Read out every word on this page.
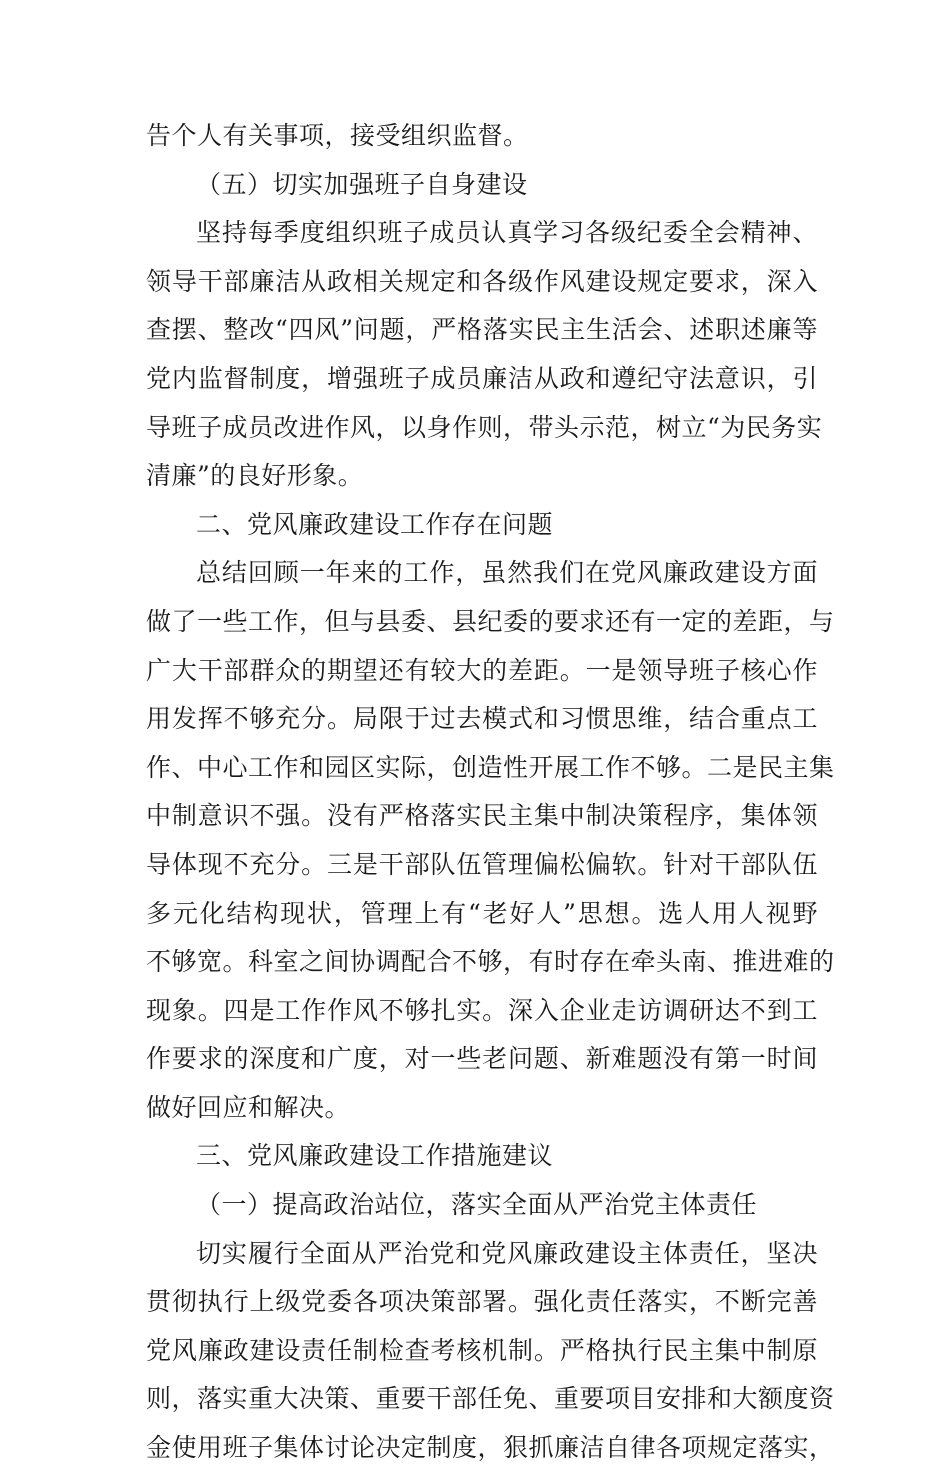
告个人有关事项，接受组织监督。
（五）切实加强班子自身建设
坚持每季度组织班子成员认真学习各级纪委全会精神、
领导干部廉洁从政相关规定和各级作风建设规定要求，深入
查摆、整改“四风”问题，严格落实民主生活会、述职述廉等
党内监督制度，增强班子成员廉洁从政和遵纪守法意识，引
导班子成员改进作风，以身作则，带头示范，树立“为民务实
清廉”的良好形象。
二、党风廉政建设工作存在问题
总结回顾一年来的工作，虽然我们在党风廉政建设方面
做了一些工作，但与县委、县纪委的要求还有一定的差距，与
广大干部群众的期望还有较大的差距。一是领导班子核心作
用发挥不够充分。局限于过去模式和习惯思维，结合重点工
作、中心工作和园区实际，创造性开展工作不够。二是民主集
中制意识不强。没有严格落实民主集中制决策程序，集体领
导体现不充分。三是干部队伍管理偏松偏软。针对干部队伍
多元化结构现状，管理上有“老好人”思想。选人用人视野
不够宽。科室之间协调配合不够，有时存在牵头南、推进难的
现象。四是工作作风不够扎实。深入企业走访调研达不到工
作要求的深度和广度，对一些老问题、新难题没有第一时间
做好回应和解决。
三、党风廉政建设工作措施建议
（一）提高政治站位，落实全面从严治党主体责任
切实履行全面从严治党和党风廉政建设主体责任，坚决
贯彻执行上级党委各项决策部署。强化责任落实，不断完善
党风廉政建设责任制检查考核机制。严格执行民主集中制原
则，落实重大决策、重要干部任免、重要项目安排和大额度资
金使用班子集体讨论决定制度，狠抓廉洁自律各项规定落实，
